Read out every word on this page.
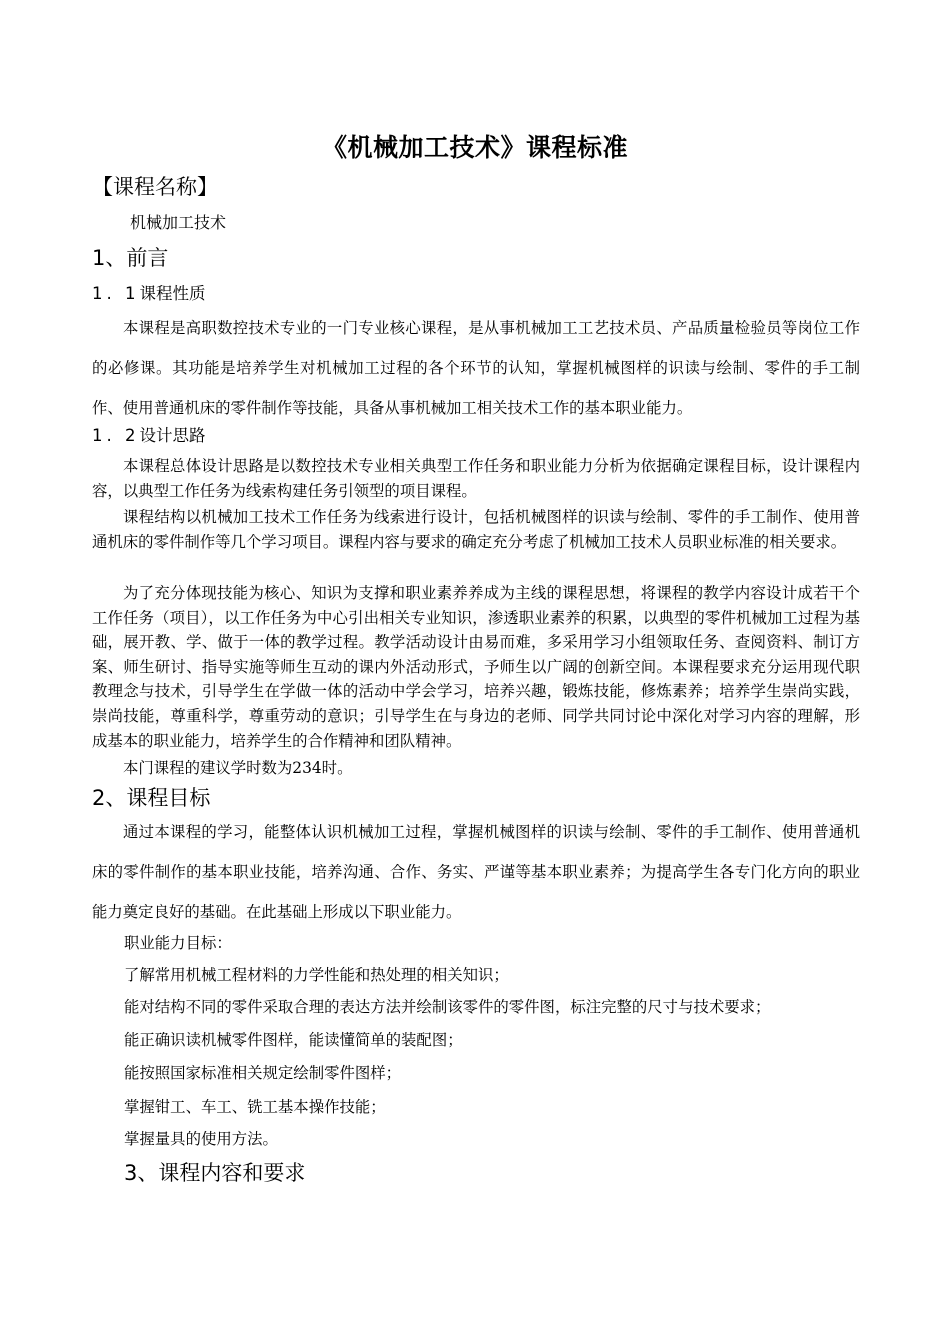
《机械加工技术》课程标准
【课程名称】
机械加工技术
1、前言
1. 1课程性质

本课程是高职数控技术专业的一门专业核心课程，是从事机械加工工艺技术员、产品质量检验员等岗位工作的必修课。其功能是培养学生对机械加工过程的各个环节的认知，掌握机械图样的识读与绘制、零件的手工制作、使用普通机床的零件制作等技能，具备从事机械加工相关技术工作的基本职业能力。

1. 2设计思路

本课程总体设计思路是以数控技术专业相关典型工作任务和职业能力分析为依据确定课程目标，设计课程内容，以典型工作任务为线索构建任务引领型的项目课程。

课程结构以机械加工技术工作任务为线索进行设计，包括机械图样的识读与绘制、零件的手工制作、使用普通机床的零件制作等几个学习项目。课程内容与要求的确定充分考虑了机械加工技术人员职业标准的相关要求。

为了充分体现技能为核心、知识为支撑和职业素养养成为主线的课程思想，将课程的教学内容设计成若干个工作任务（项目），以工作任务为中心引出相关专业知识，渗透职业素养的积累，以典型的零件机械加工过程为基础，展开教、学、做于一体的教学过程。教学活动设计由易而难，多采用学习小组领取任务、查阅资料、制订方案、师生研讨、指导实施等师生互动的课内外活动形式，予师生以广阔的创新空间。本课程要求充分运用现代职教理念与技术，引导学生在学做一体的活动中学会学习，培养兴趣，锻炼技能，修炼素养；培养学生崇尚实践，崇尚技能，尊重科学，尊重劳动的意识；引导学生在与身边的老师、同学共同讨论中深化对学习内容的理解，形成基本的职业能力，培养学生的合作精神和团队精神。

本门课程的建议学时数为234时。

2、课程目标

通过本课程的学习，能整体认识机械加工过程，掌握机械图样的识读与绘制、零件的手工制作、使用普通机床的零件制作的基本职业技能，培养沟通、合作、务实、严谨等基本职业素养；为提高学生各专门化方向的职业能力奠定良好的基础。在此基础上形成以下职业能力。

职业能力目标：
了解常用机械工程材料的力学性能和热处理的相关知识；
能对结构不同的零件采取合理的表达方法并绘制该零件的零件图，标注完整的尺寸与技术要求；
能正确识读机械零件图样，能读懂简单的装配图；
能按照国家标准相关规定绘制零件图样；
掌握钳工、车工、铣工基本操作技能；
掌握量具的使用方法。
3、课程内容和要求
